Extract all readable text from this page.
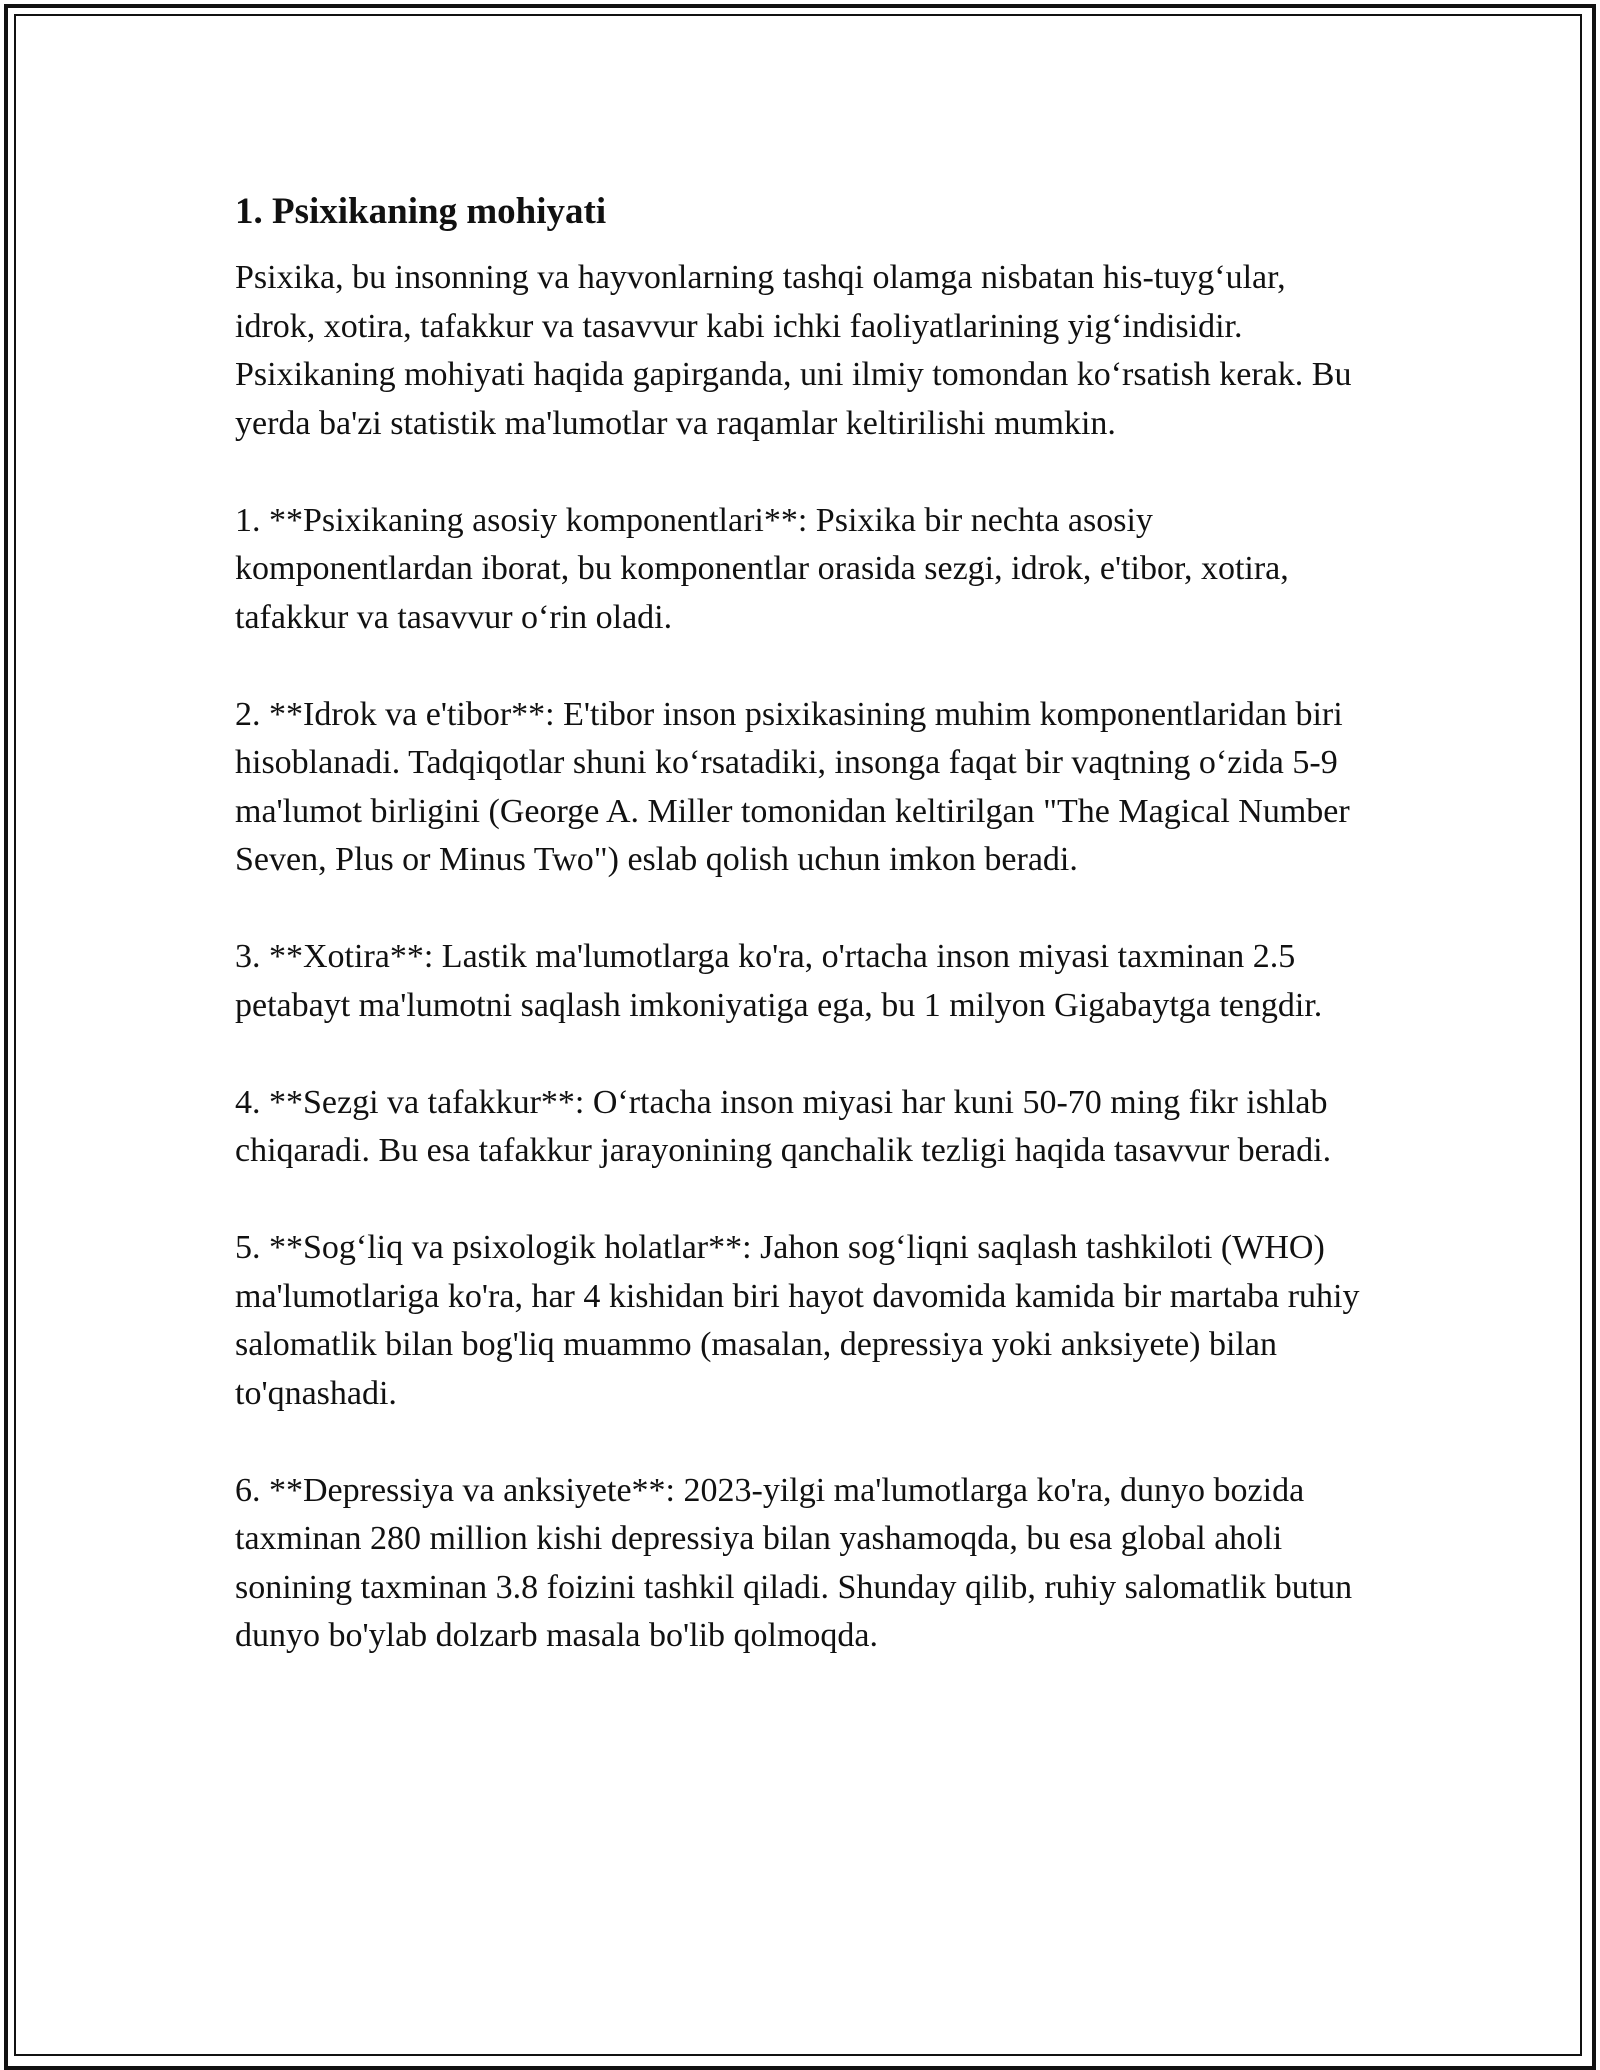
1. Psixikaning mohiyati

Psixika, bu insonning va hayvonlarning tashqi olamga nisbatan his-tuyg‘ular, idrok, xotira, tafakkur va tasavvur kabi ichki faoliyatlarining yig‘indisidir. Psixikaning mohiyati haqida gapirganda, uni ilmiy tomondan ko‘rsatish kerak. Bu yerda ba'zi statistik ma'lumotlar va raqamlar keltirilishi mumkin.

1. **Psixikaning asosiy komponentlari**: Psixika bir nechta asosiy komponentlardan iborat, bu komponentlar orasida sezgi, idrok, e'tibor, xotira, tafakkur va tasavvur o‘rin oladi.

2. **Idrok va e'tibor**: E'tibor inson psixikasining muhim komponentlaridan biri hisoblanadi. Tadqiqotlar shuni ko‘rsatadiki, insonga faqat bir vaqtning o‘zida 5-9 ma'lumot birligini (George A. Miller tomonidan keltirilgan "The Magical Number Seven, Plus or Minus Two") eslab qolish uchun imkon beradi.

3. **Xotira**: Lastik ma'lumotlarga ko'ra, o'rtacha inson miyasi taxminan 2.5 petabayt ma'lumotni saqlash imkoniyatiga ega, bu 1 milyon Gigabaytga tengdir.

4. **Sezgi va tafakkur**: O‘rtacha inson miyasi har kuni 50-70 ming fikr ishlab chiqaradi. Bu esa tafakkur jarayonining qanchalik tezligi haqida tasavvur beradi.

5. **Sog‘liq va psixologik holatlar**: Jahon sog‘liqni saqlash tashkiloti (WHO) ma'lumotlariga ko'ra, har 4 kishidan biri hayot davomida kamida bir martaba ruhiy salomatlik bilan bog'liq muammo (masalan, depressiya yoki anksiyete) bilan to'qnashadi.

6. **Depressiya va anksiyete**: 2023-yilgi ma'lumotlarga ko'ra, dunyo bozida taxminan 280 million kishi depressiya bilan yashamoqda, bu esa global aholi sonining taxminan 3.8 foizini tashkil qiladi. Shunday qilib, ruhiy salomatlik butun dunyo bo'ylab dolzarb masala bo'lib qolmoqda.
